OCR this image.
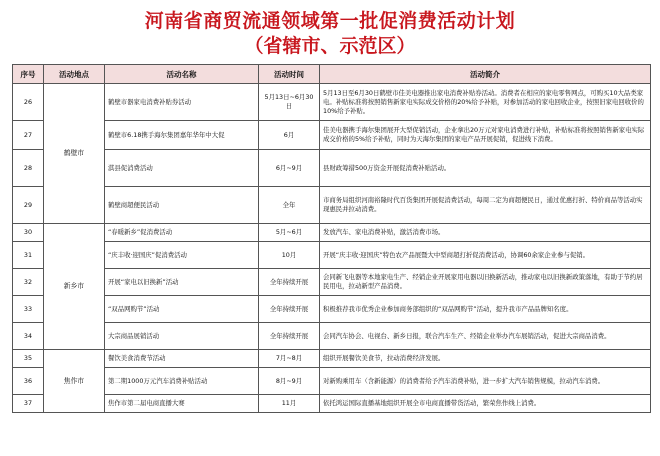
河南省商贸流通领域第一批促消费活动计划
（省辖市、示范区）
序号	活动地点	活动名称	活动时间	活动简介
26	鹤壁市	鹤壁市器家电消费补贴券活动	5月13日~6月30日	5月13日至6月30日鹤壁市佳美电器推出家电消费补贴券活动。消费者在相应的家电零售网点，可购买10大品类家电。补贴标准将按照销售新家电实际成交价格的20%给予补贴，对参加活动的家电回收企业，按照旧家电回收价的10%给予补贴。
27		鹤壁市6.18携手海尔集团嘉年华年中大促	6月	佳美电器携手海尔集团展开大型促销活动，企业拿出20万元对家电消费进行补贴，补贴标准将按照销售新家电实际成交价格的5%给予补贴，同时为天海尔集团的家电产品开展促销，促进线下消费。
28		淇县促消费活动	6月~9月	县财政筹措500万资金开展促消费补贴活动。
29		鹤壁商超便民活动	全年	市商务局组织河南裕隆时代百货集团开展促消费活动，每周二定为商超便民日，通过优惠打折、特价商品等活动实现惠民并拉动消费。
30	新乡市	“春暖新乡”促消费活动	5月~6月	发放汽车、家电消费补贴，激活消费市场。
31		“庆丰收·迎国庆”促消费活动	10月	开展“庆丰收·迎国庆”特色农产品展暨大中型商超打折促消费活动，协调60余家企业参与促销。
32		开展“家电以旧换新”活动	全年持续开展	会同新飞电器等本地家电生产、经销企业开展家用电器以旧换新活动，推动家电以旧换新政策落地，有助于节约居民用电，拉动新型产品消费。
33		“双品网购节”活动	全年持续开展	积极推荐我市优秀企业参加商务部组织的“双品网购节”活动，提升我市产品品牌知名度。
34		大宗商品展销活动	全年持续开展	会同汽车协会、电视台、新乡日报，联合汽车生产、经销企业举办汽车展销活动，促进大宗商品消费。
35	焦作市	餐饮美食消费节活动	7月~8月	组织开展餐饮美食节，拉动消费经济发展。
36		第二期1000万元汽车消费补贴活动	8月~9月	对新购乘用车（含新能源）的消费者给予汽车消费补贴，进一步扩大汽车销售规模，拉动汽车消费。
37		焦作市第二届电商直播大赛	11月	依托鸿运国际直播基地组织开展全市电商直播带货活动，繁荣焦作线上消费。
